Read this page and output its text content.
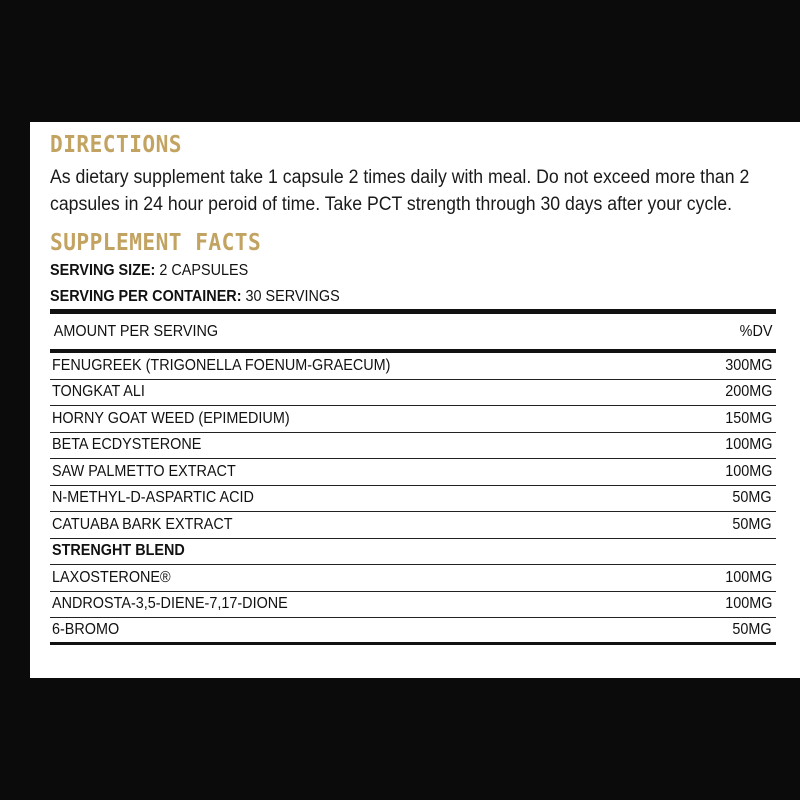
DIRECTIONS
As dietary supplement take 1 capsule 2 times daily with meal. Do not exceed more than 2 capsules in 24 hour peroid of time. Take PCT strength through 30 days after your cycle.
SUPPLEMENT FACTS
SERVING SIZE: 2 CAPSULES
SERVING PER CONTAINER: 30 SERVINGS
AMOUNT PER SERVING	%DV
FENUGREEK (TRIGONELLA FOENUM-GRAECUM)	300MG
TONGKAT ALI	200MG
HORNY GOAT WEED (EPIMEDIUM)	150MG
BETA ECDYSTERONE	100MG
SAW PALMETTO EXTRACT	100MG
N-METHYL-D-ASPARTIC ACID	50MG
CATUABA BARK EXTRACT	50MG
STRENGHT BLEND
LAXOSTERONE®	100MG
ANDROSTA-3,5-DIENE-7,17-DIONE	100MG
6-BROMO	50MG
